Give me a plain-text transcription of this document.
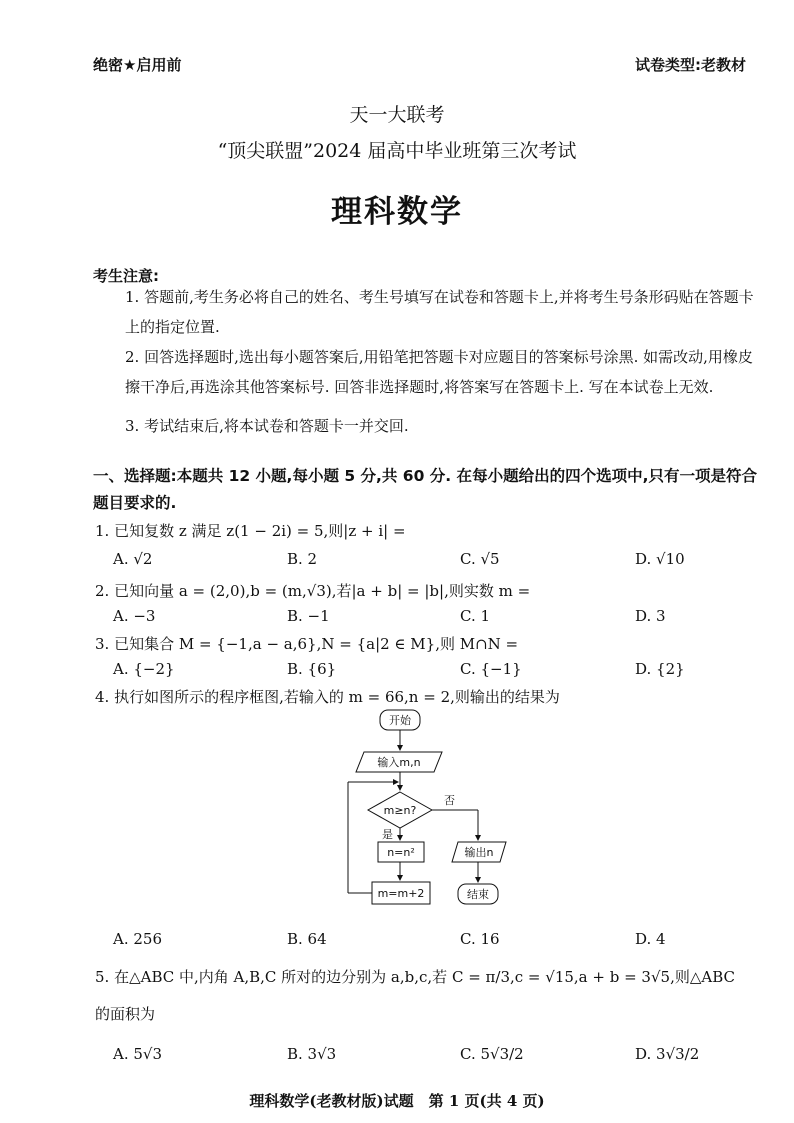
绝密★启用前	试卷类型:老教材
天一大联考
“顶尖联盟”2024 届高中毕业班第三次考试
理科数学
考生注意:
1. 答题前,考生务必将自己的姓名、考生号填写在试卷和答题卡上,并将考生号条形码贴在答题卡上的指定位置.
2. 回答选择题时,选出每小题答案后,用铅笔把答题卡对应题目的答案标号涂黑. 如需改动,用橡皮擦干净后,再选涂其他答案标号. 回答非选择题时,将答案写在答题卡上. 写在本试卷上无效.
3. 考试结束后,将本试卷和答题卡一并交回.
一、选择题:本题共 12 小题,每小题 5 分,共 60 分. 在每小题给出的四个选项中,只有一项是符合题目要求的.
1. 已知复数 z 满足 z(1 − 2i) = 5,则|z + i| =
A. √2	B. 2	C. √5	D. √10
2. 已知向量 a = (2,0),b = (m,√3),若|a + b| = |b|,则实数 m =
A. −3	B. −1	C. 1	D. 3
3. 已知集合 M = {−1,a − a,6},N = {a|2 ∈ M},则 M∩N =
A. {−2}	B. {6}	C. {−1}	D. {2}
4. 执行如图所示的程序框图,若输入的 m = 66,n = 2,则输出的结果为
开始
输入m,n
m≥n?
否
是
n=n²
m=m+2
输出n
结束
A. 256	B. 64	C. 16	D. 4
5. 在△ABC 中,内角 A,B,C 所对的边分别为 a,b,c,若 C = π/3,c = √15,a + b = 3√5,则△ABC
的面积为
A. 5√3	B. 3√3	C. 5√3/2	D. 3√3/2
理科数学(老教材版)试题　第 1 页(共 4 页)
